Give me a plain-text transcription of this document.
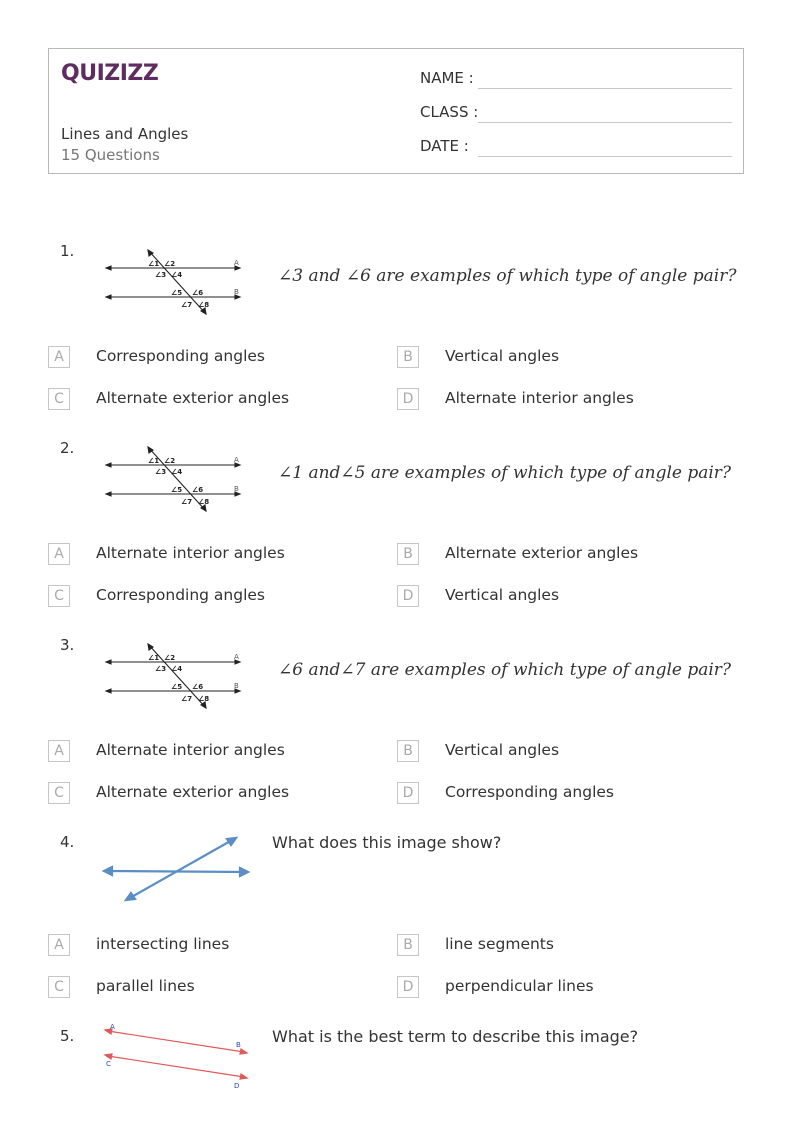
QUIZIZZ
Lines and Angles
15 Questions
NAME :
CLASS :
DATE :
1.
∠1 ∠2
∠3 ∠4
∠5 ∠6
∠7 ∠8
A
B
∠3 and ∠6 are examples of which type of angle pair?
A	Corresponding angles	B	Vertical angles
C	Alternate exterior angles	D	Alternate interior angles
2.
∠1 ∠2
∠3 ∠4
∠5 ∠6
∠7 ∠8
A
B
∠1 and∠5 are examples of which type of angle pair?
A	Alternate interior angles	B	Alternate exterior angles
C	Corresponding angles	D	Vertical angles
3.
∠1 ∠2
∠3 ∠4
∠5 ∠6
∠7 ∠8
A
B
∠6 and∠7 are examples of which type of angle pair?
A	Alternate interior angles	B	Vertical angles
C	Alternate exterior angles	D	Corresponding angles
4.	What does this image show?
A	intersecting lines	B	line segments
C	parallel lines	D	perpendicular lines
5.	A
B
C
D
What is the best term to describe this image?
